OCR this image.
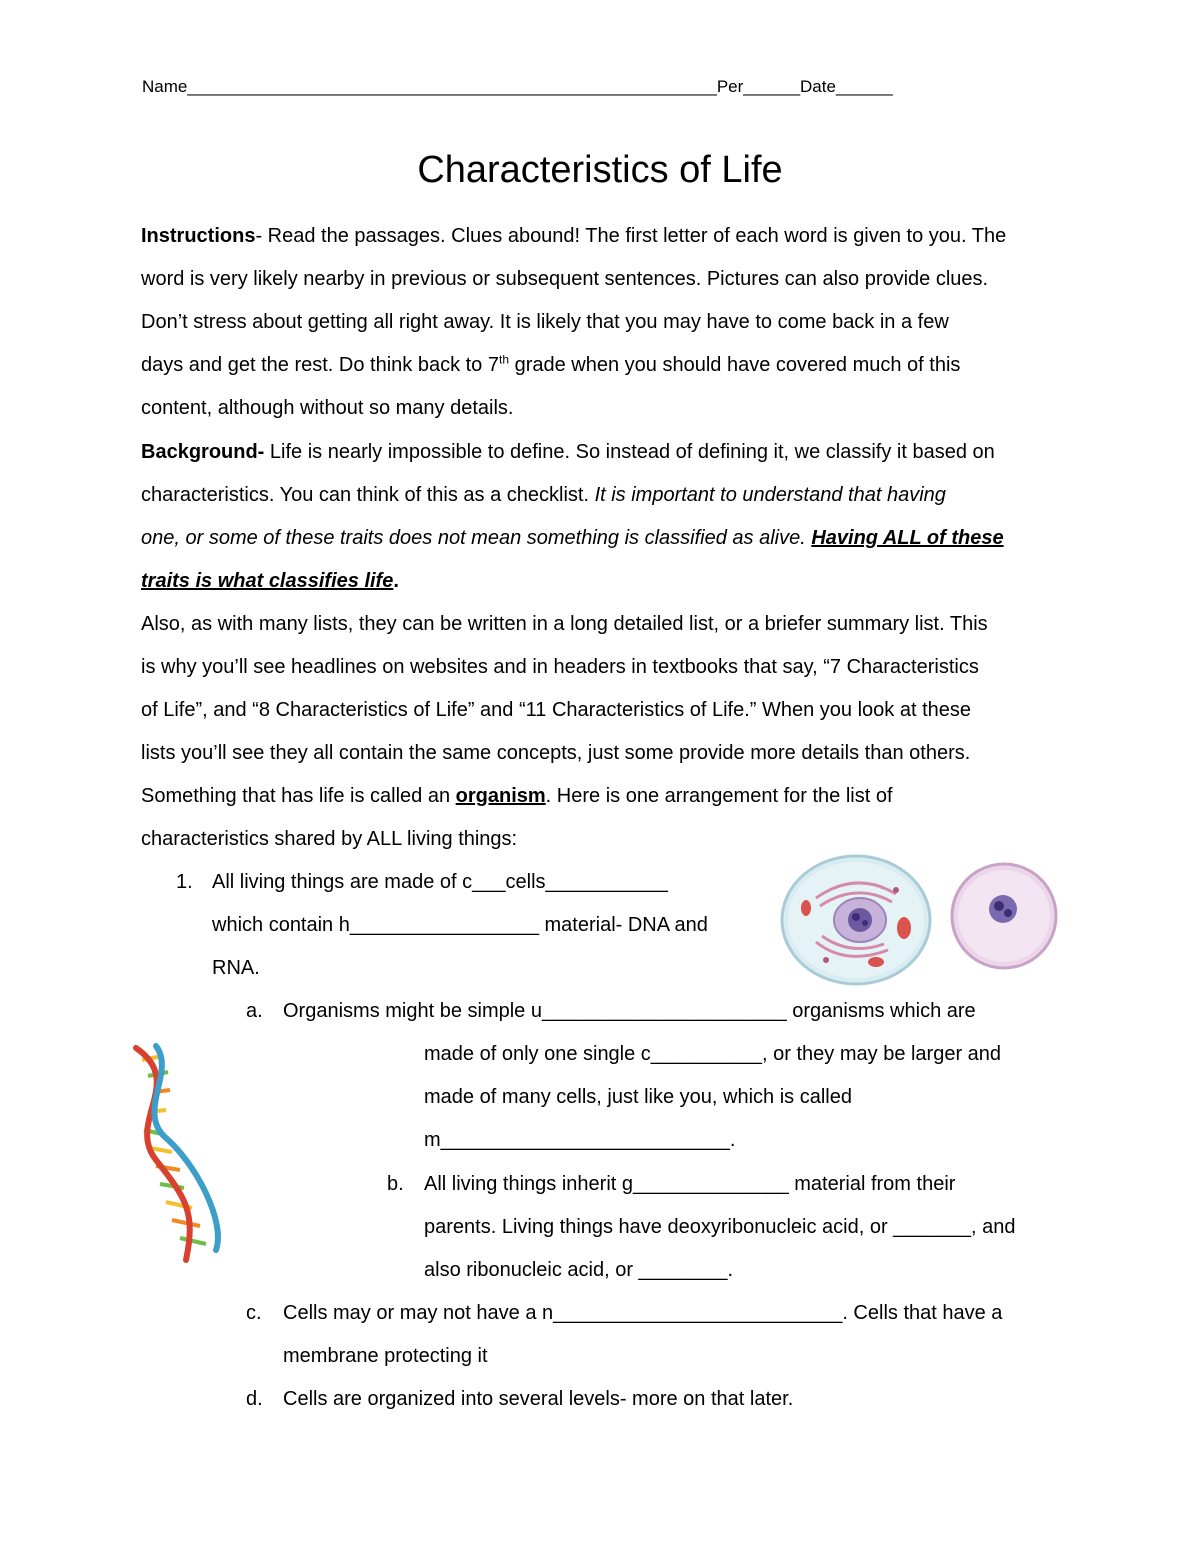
Name________________________________________________________Per______Date______
Characteristics of Life
Instructions- Read the passages. Clues abound! The first letter of each word is given to you. The
word is very likely nearby in previous or subsequent sentences. Pictures can also provide clues.
Don’t stress about getting all right away. It is likely that you may have to come back in a few
days and get the rest. Do think back to 7th grade when you should have covered much of this
content, although without so many details.
Background- Life is nearly impossible to define. So instead of defining it, we classify it based on
characteristics. You can think of this as a checklist. It is important to understand that having
one, or some of these traits does not mean something is classified as alive. Having ALL of these
traits is what classifies life.
Also, as with many lists, they can be written in a long detailed list, or a briefer summary list. This
is why you’ll see headlines on websites and in headers in textbooks that say, “7 Characteristics
of Life”, and “8 Characteristics of Life” and “11 Characteristics of Life.” When you look at these
lists you’ll see they all contain the same concepts, just some provide more details than others.
Something that has life is called an organism. Here is one arrangement for the list of
characteristics shared by ALL living things:
1. All living things are made of c___cells___________
which contain h_________________ material- DNA and
RNA.
a. Organisms might be simple u______________________ organisms which are
made of only one single c__________, or they may be larger and
made of many cells, just like you, which is called
m__________________________.
b. All living things inherit g______________ material from their
parents. Living things have deoxyribonucleic acid, or _______, and
also ribonucleic acid, or ________.
c. Cells may or may not have a n__________________________. Cells that have a
membrane protecting it
d. Cells are organized into several levels- more on that later.
